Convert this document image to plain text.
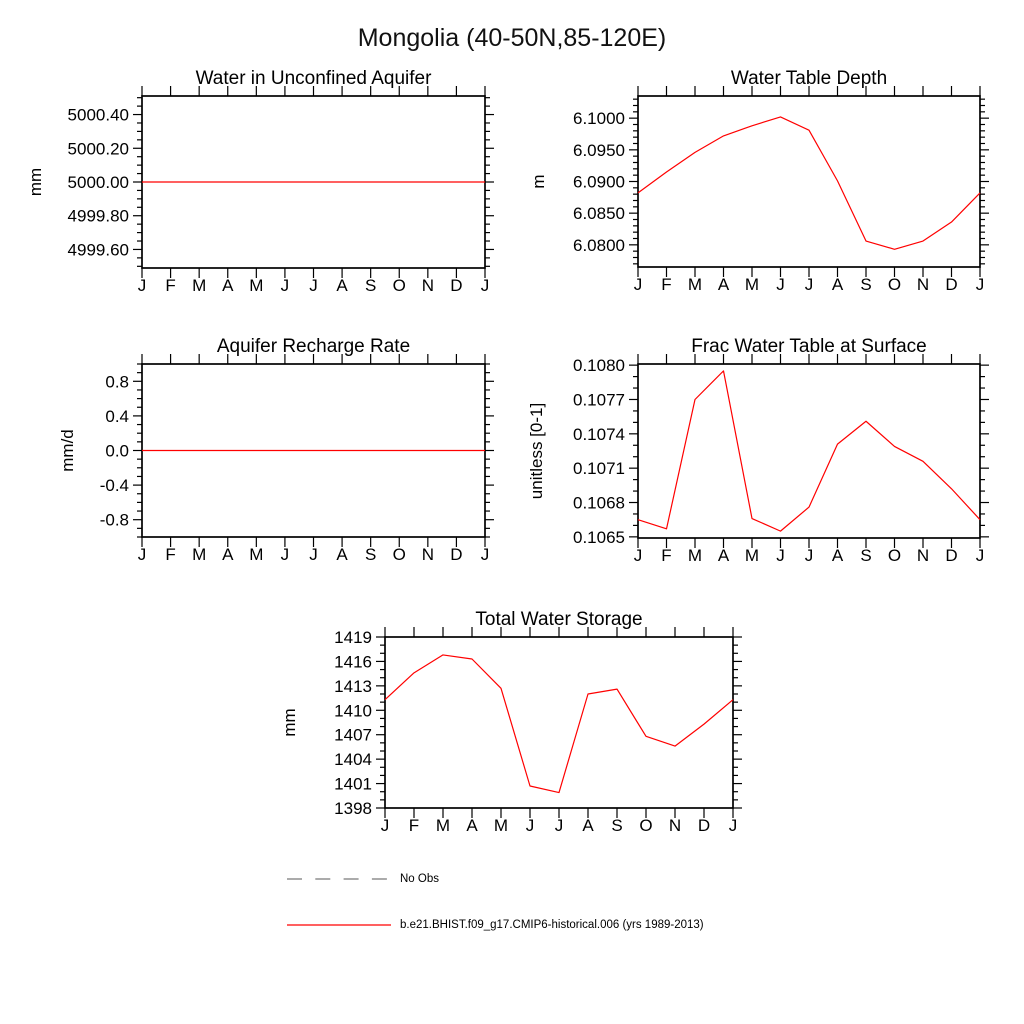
Mongolia (40-50N,85-120E)
J F M A M J J A S O N D J
4999.60
4999.80
5000.00
5000.20
5000.40
Water in Unconfined Aquifer
mm
J F M A M J J A S O N D J
6.0800
6.0850
6.0900
6.0950
6.1000
Water Table Depth
m
J F M A M J J A S O N D J
-0.8
-0.4
0.0
0.4
0.8
Aquifer Recharge Rate
mm/d
J F M A M J J A S O N D J
0.1065
0.1068
0.1071
0.1074
0.1077
0.1080
Frac Water Table at Surface
unitless [0-1]
J F M A M J J A S O N D J
1398
1401
1404
1407
1410
1413
1416
1419
Total Water Storage
mm
No Obs
b.e21.BHIST.f09_g17.CMIP6-historical.006 (yrs 1989-2013)
